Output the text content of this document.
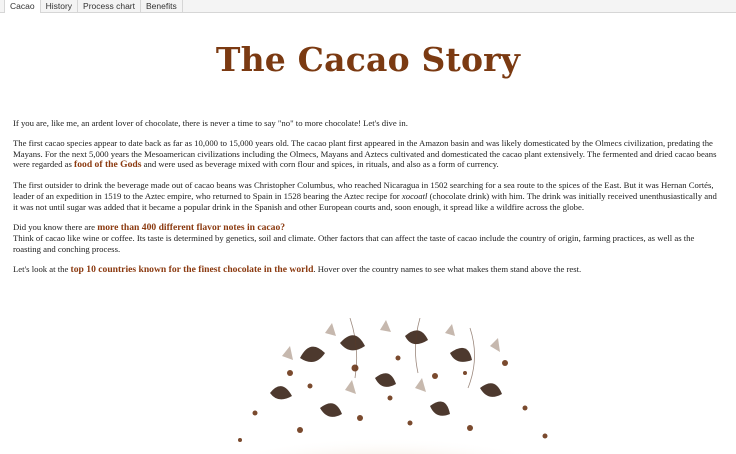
Cacao	History	Process chart	Benefits
The Cacao Story

If you are, like me, an ardent lover of chocolate, there is never a time to say "no" to more chocolate! Let's dive in.

The first cacao species appear to date back as far as 10,000 to 15,000 years old. The cacao plant first appeared in the Amazon basin and was likely domesticated by the Olmecs civilization, predating the Mayans. For the next 5,000 years the Mesoamerican civilizations including the Olmecs, Mayans and Aztecs cultivated and domesticated the cacao plant extensively. The fermented and dried cacao beans were regarded as food of the Gods and were used as beverage mixed with corn flour and spices, in rituals, and also as a form of currency.

The first outsider to drink the beverage made out of cacao beans was Christopher Columbus, who reached Nicaragua in 1502 searching for a sea route to the spices of the East. But it was Hernan Cortés, leader of an expedition in 1519 to the Aztec empire, who returned to Spain in 1528 bearing the Aztec recipe for xocoatl (chocolate drink) with him. The drink was initially received unenthusiastically and it was not until sugar was added that it became a popular drink in the Spanish and other European courts and, soon enough, it spread like a wildfire across the globe.

Did you know there are more than 400 different flavor notes in cacao?
Think of cacao like wine or coffee. Its taste is determined by genetics, soil and climate. Other factors that can affect the taste of cacao include the country of origin, farming practices, as well as the roasting and conching process.

Let's look at the top 10 countries known for the finest chocolate in the world. Hover over the country names to see what makes them stand above the rest.
